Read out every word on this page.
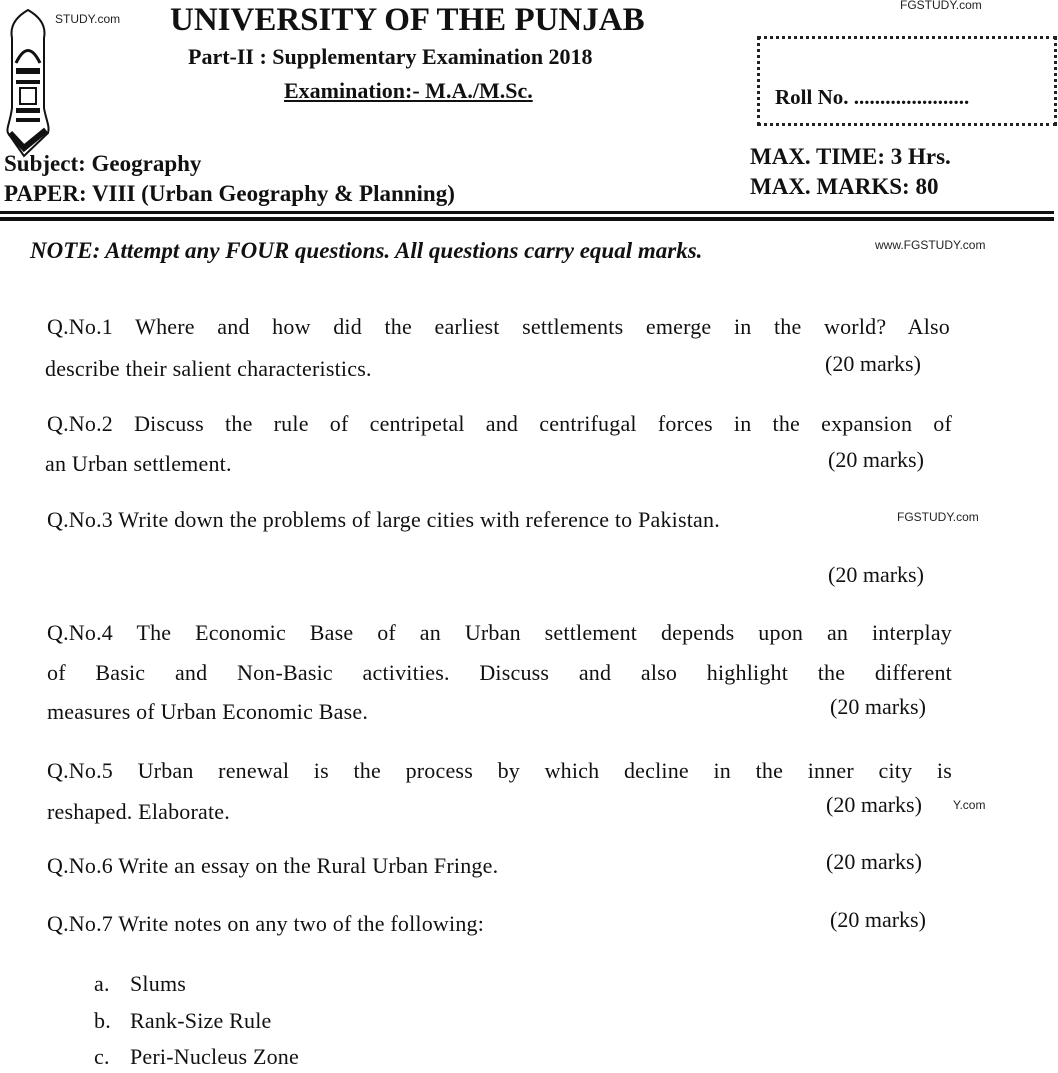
STUDY.com
FGSTUDY.com
UNIVERSITY OF THE PUNJAB
Part-II : Supplementary Examination 2018
Examination:- M.A./M.Sc.	Roll No. ......................
Subject: Geography
PAPER: VIII (Urban Geography & Planning)
MAX. TIME: 3 Hrs.
MAX. MARKS: 80
NOTE: Attempt any FOUR questions. All questions carry equal marks.	www.FGSTUDY.com
Q.No.1 Where and how did the earliest settlements emerge in the world? Also
describe their salient characteristics.	(20 marks)
Q.No.2 Discuss the rule of centripetal and centrifugal forces in the expansion of
an Urban settlement.	(20 marks)
Q.No.3 Write down the problems of large cities with reference to Pakistan.	FGSTUDY.com
(20 marks)
Q.No.4 The Economic Base of an Urban settlement depends upon an interplay
of Basic and Non-Basic activities. Discuss and also highlight the different
measures of Urban Economic Base.	(20 marks)
Q.No.5 Urban renewal is the process by which decline in the inner city is
reshaped. Elaborate.	(20 marks)	Y.com
Q.No.6 Write an essay on the Rural Urban Fringe.	(20 marks)
Q.No.7 Write notes on any two of the following:	(20 marks)
a. Slums
b. Rank-Size Rule
c. Peri-Nucleus Zone
